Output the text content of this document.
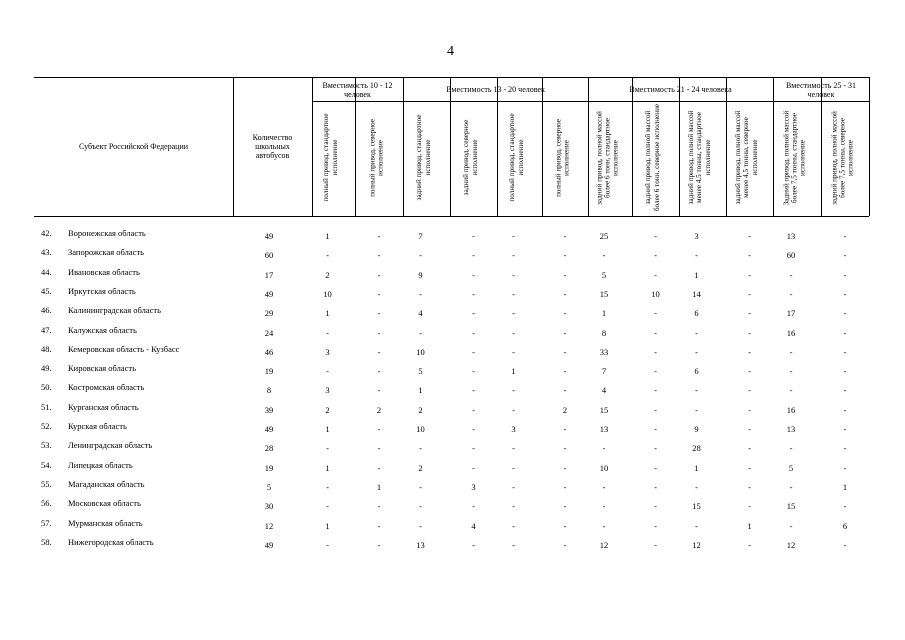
4
Субъект Российской Федерации
Количество школьных автобусов
Вместимость 10 - 12 человек	Вместимость 13 - 20 человек	Вместимость 21 - 24 человека	Вместимость 25 - 31 человек
полный привод, стандартное исполнение	полный привод, северное исполнение	задний привод, стандартное исполнение	задний привод, северное исполнение	полный привод, стандартное исполнение	полный привод, северное исполнение	задний привод, полной массой более 6 тонн, стандартное исполнение	задний привод, полной массой более 6 тонн, северное исполнение	задний привод, полной массой менее 4,5 тонны, стандартное исполнение	задний привод, полной массой менее 4,5 тонны, северное исполнение	Задний привод, полной массой более 7,5 тонны, стандартное исполнение	задний привод, полной массой более 7,5 тонны, северное исполнение
42. Воронежская область	49	1	-	7	-	-	-	25	-	3	-	13	-
43. Запорожская область	60	-	-	-	-	-	-	-	-	-	-	60	-
44. Ивановская область	17	2	-	9	-	-	-	5	-	1	-	-	-
45. Иркутская область	49	10	-	-	-	-	-	15	10	14	-	-	-
46. Калининградская область	29	1	-	4	-	-	-	1	-	6	-	17	-
47. Калужская область	24	-	-	-	-	-	-	8	-	-	-	16	-
48. Кемеровская область - Кузбасс	46	3	-	10	-	-	-	33	-	-	-	-	-
49. Кировская область	19	-	-	5	-	1	-	7	-	6	-	-	-
50. Костромская область	8	3	-	1	-	-	-	4	-	-	-	-	-
51. Курганская область	39	2	2	2	-	-	2	15	-	-	-	16	-
52. Курская область	49	1	-	10	-	3	-	13	-	9	-	13	-
53. Ленинградская область	28	-	-	-	-	-	-	-	-	28	-	-	-
54. Липецкая область	19	1	-	2	-	-	-	10	-	1	-	5	-
55. Магаданская область	5	-	1	-	3	-	-	-	-	-	-	-	1
56. Московская область	30	-	-	-	-	-	-	-	-	15	-	15	-
57. Мурманская область	12	1	-	-	4	-	-	-	-	-	1	-	6
58. Нижегородская область	49	-	-	13	-	-	-	12	-	12	-	12	-
